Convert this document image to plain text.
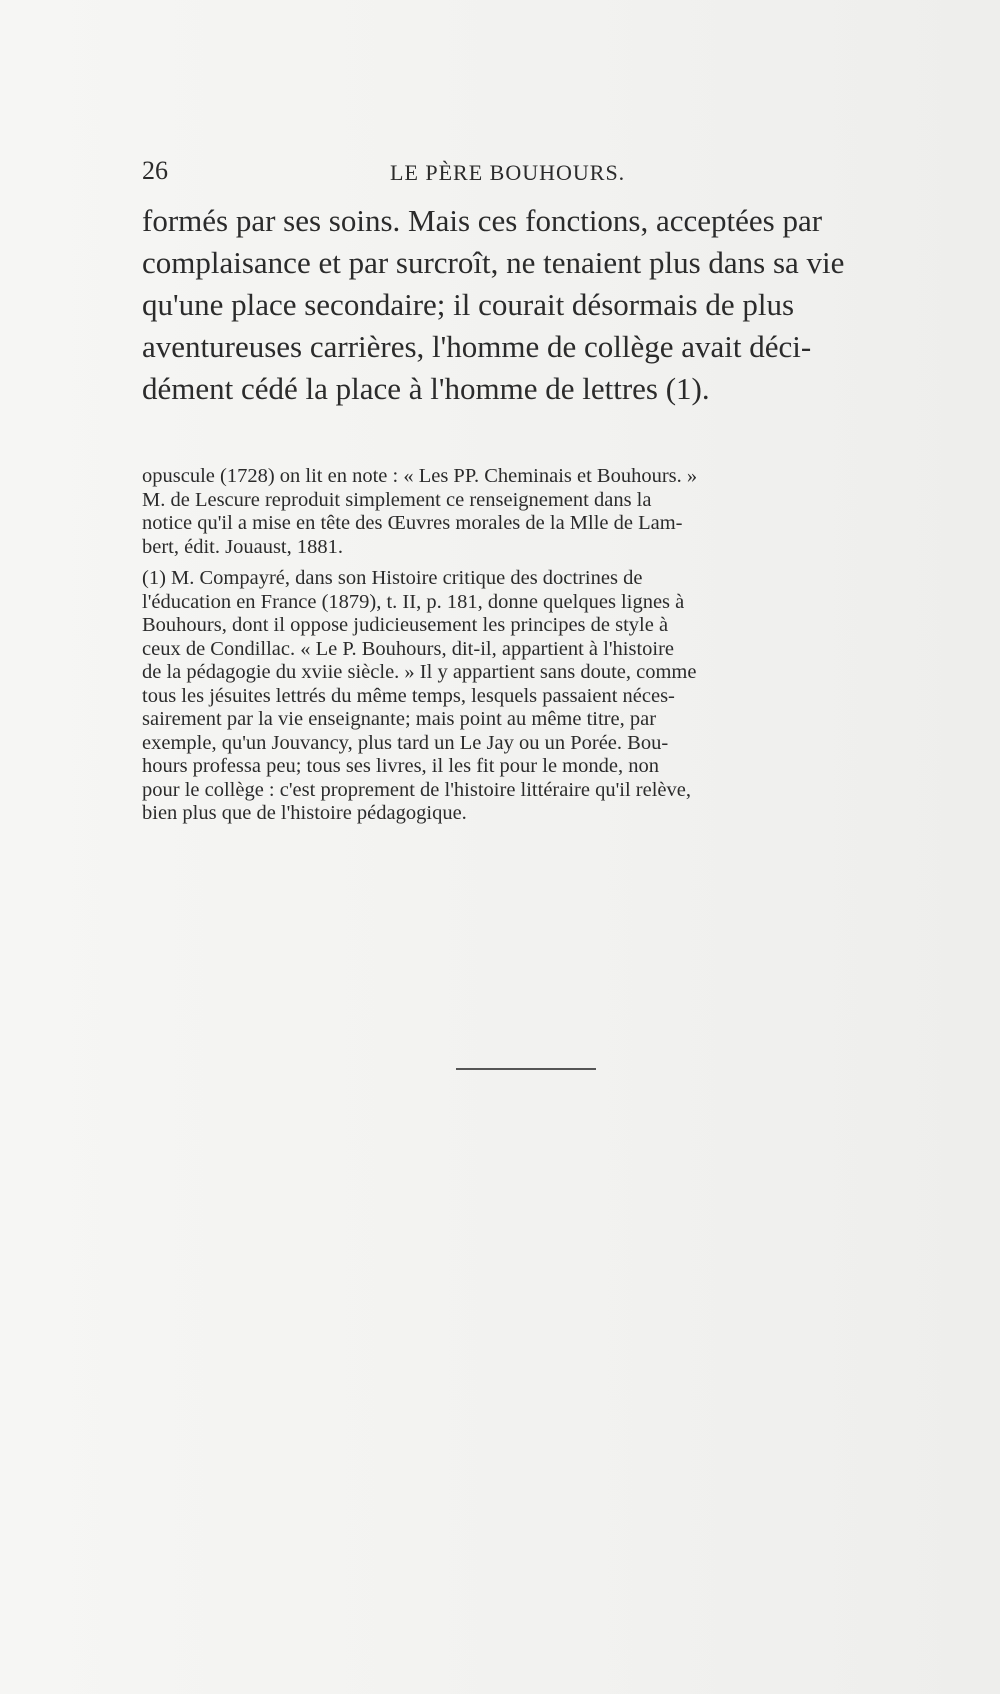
26	LE PÈRE BOUHOURS.
formés par ses soins. Mais ces fonctions, acceptées par
complaisance et par surcroît, ne tenaient plus dans sa vie
qu'une place secondaire; il courait désormais de plus
aventureuses carrières, l'homme de collège avait déci-
dément cédé la place à l'homme de lettres (1).
opuscule (1728) on lit en note : « Les PP. Cheminais et Bouhours. »
M. de Lescure reproduit simplement ce renseignement dans la
notice qu'il a mise en tête des Œuvres morales de la Mlle de Lam-
bert, édit. Jouaust, 1881.
(1) M. Compayré, dans son Histoire critique des doctrines de
l'éducation en France (1879), t. II, p. 181, donne quelques lignes à
Bouhours, dont il oppose judicieusement les principes de style à
ceux de Condillac. « Le P. Bouhours, dit-il, appartient à l'histoire
de la pédagogie du xviie siècle. » Il y appartient sans doute, comme
tous les jésuites lettrés du même temps, lesquels passaient néces-
sairement par la vie enseignante; mais point au même titre, par
exemple, qu'un Jouvancy, plus tard un Le Jay ou un Porée. Bou-
hours professa peu; tous ses livres, il les fit pour le monde, non
pour le collège : c'est proprement de l'histoire littéraire qu'il relève,
bien plus que de l'histoire pédagogique.
